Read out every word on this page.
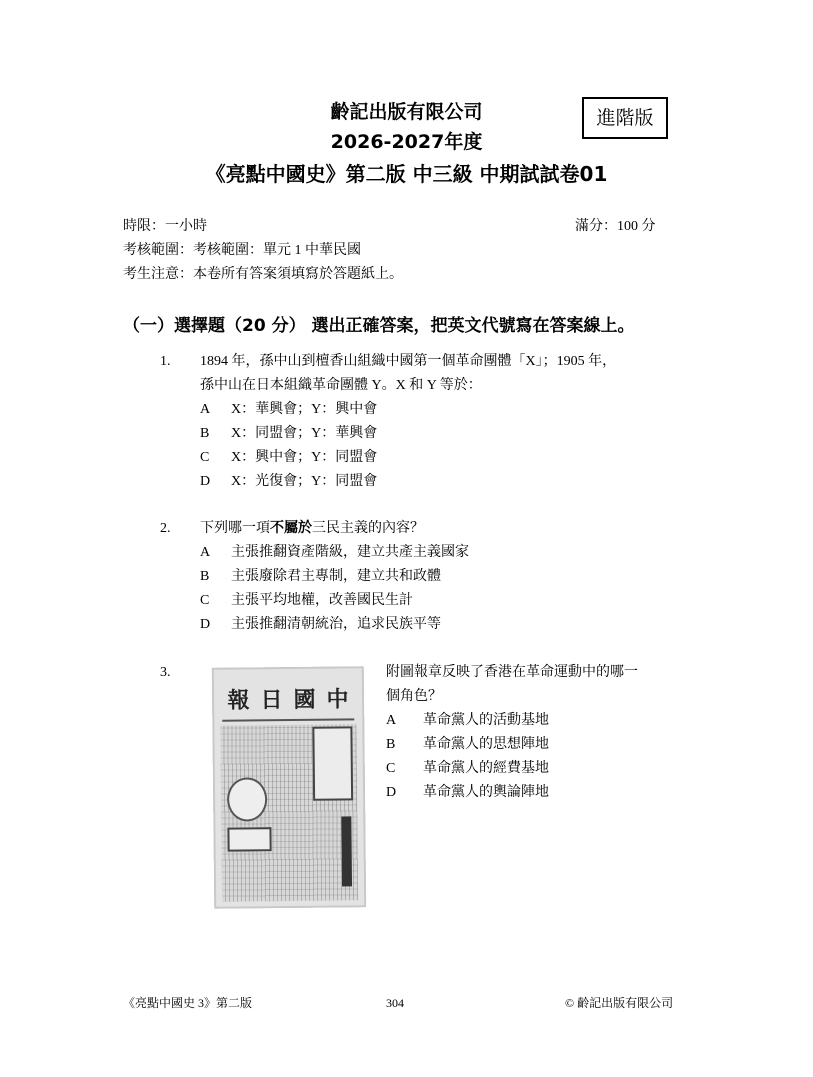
齡記出版有限公司
2026-2027年度
《亮點中國史》第二版 中三級 中期試試卷01
進階版
時限：一小時	滿分：100 分
考核範圍：考核範圍：單元 1 中華民國
考生注意：本卷所有答案須填寫於答題紙上。
（一）選擇題（20 分） 選出正確答案，把英文代號寫在答案線上。
1. 1894 年，孫中山到檀香山組織中國第一個革命團體「X」；1905 年，
孫中山在日本組織革命團體 Y。X 和 Y 等於：
A	X：華興會；Y：興中會
B	X：同盟會；Y：華興會
C	X：興中會；Y：同盟會
D	X：光復會；Y：同盟會
2. 下列哪一項不屬於三民主義的內容？
A	主張推翻資產階級，建立共產主義國家
B	主張廢除君主專制，建立共和政體
C	主張平均地權，改善國民生計
D	主張推翻清朝統治，追求民族平等
3.
報 日 國 中
附圖報章反映了香港在革命運動中的哪一
個角色？
A	革命黨人的活動基地
B	革命黨人的思想陣地
C	革命黨人的經費基地
D	革命黨人的輿論陣地
《亮點中國史 3》第二版	304	© 齡記出版有限公司
